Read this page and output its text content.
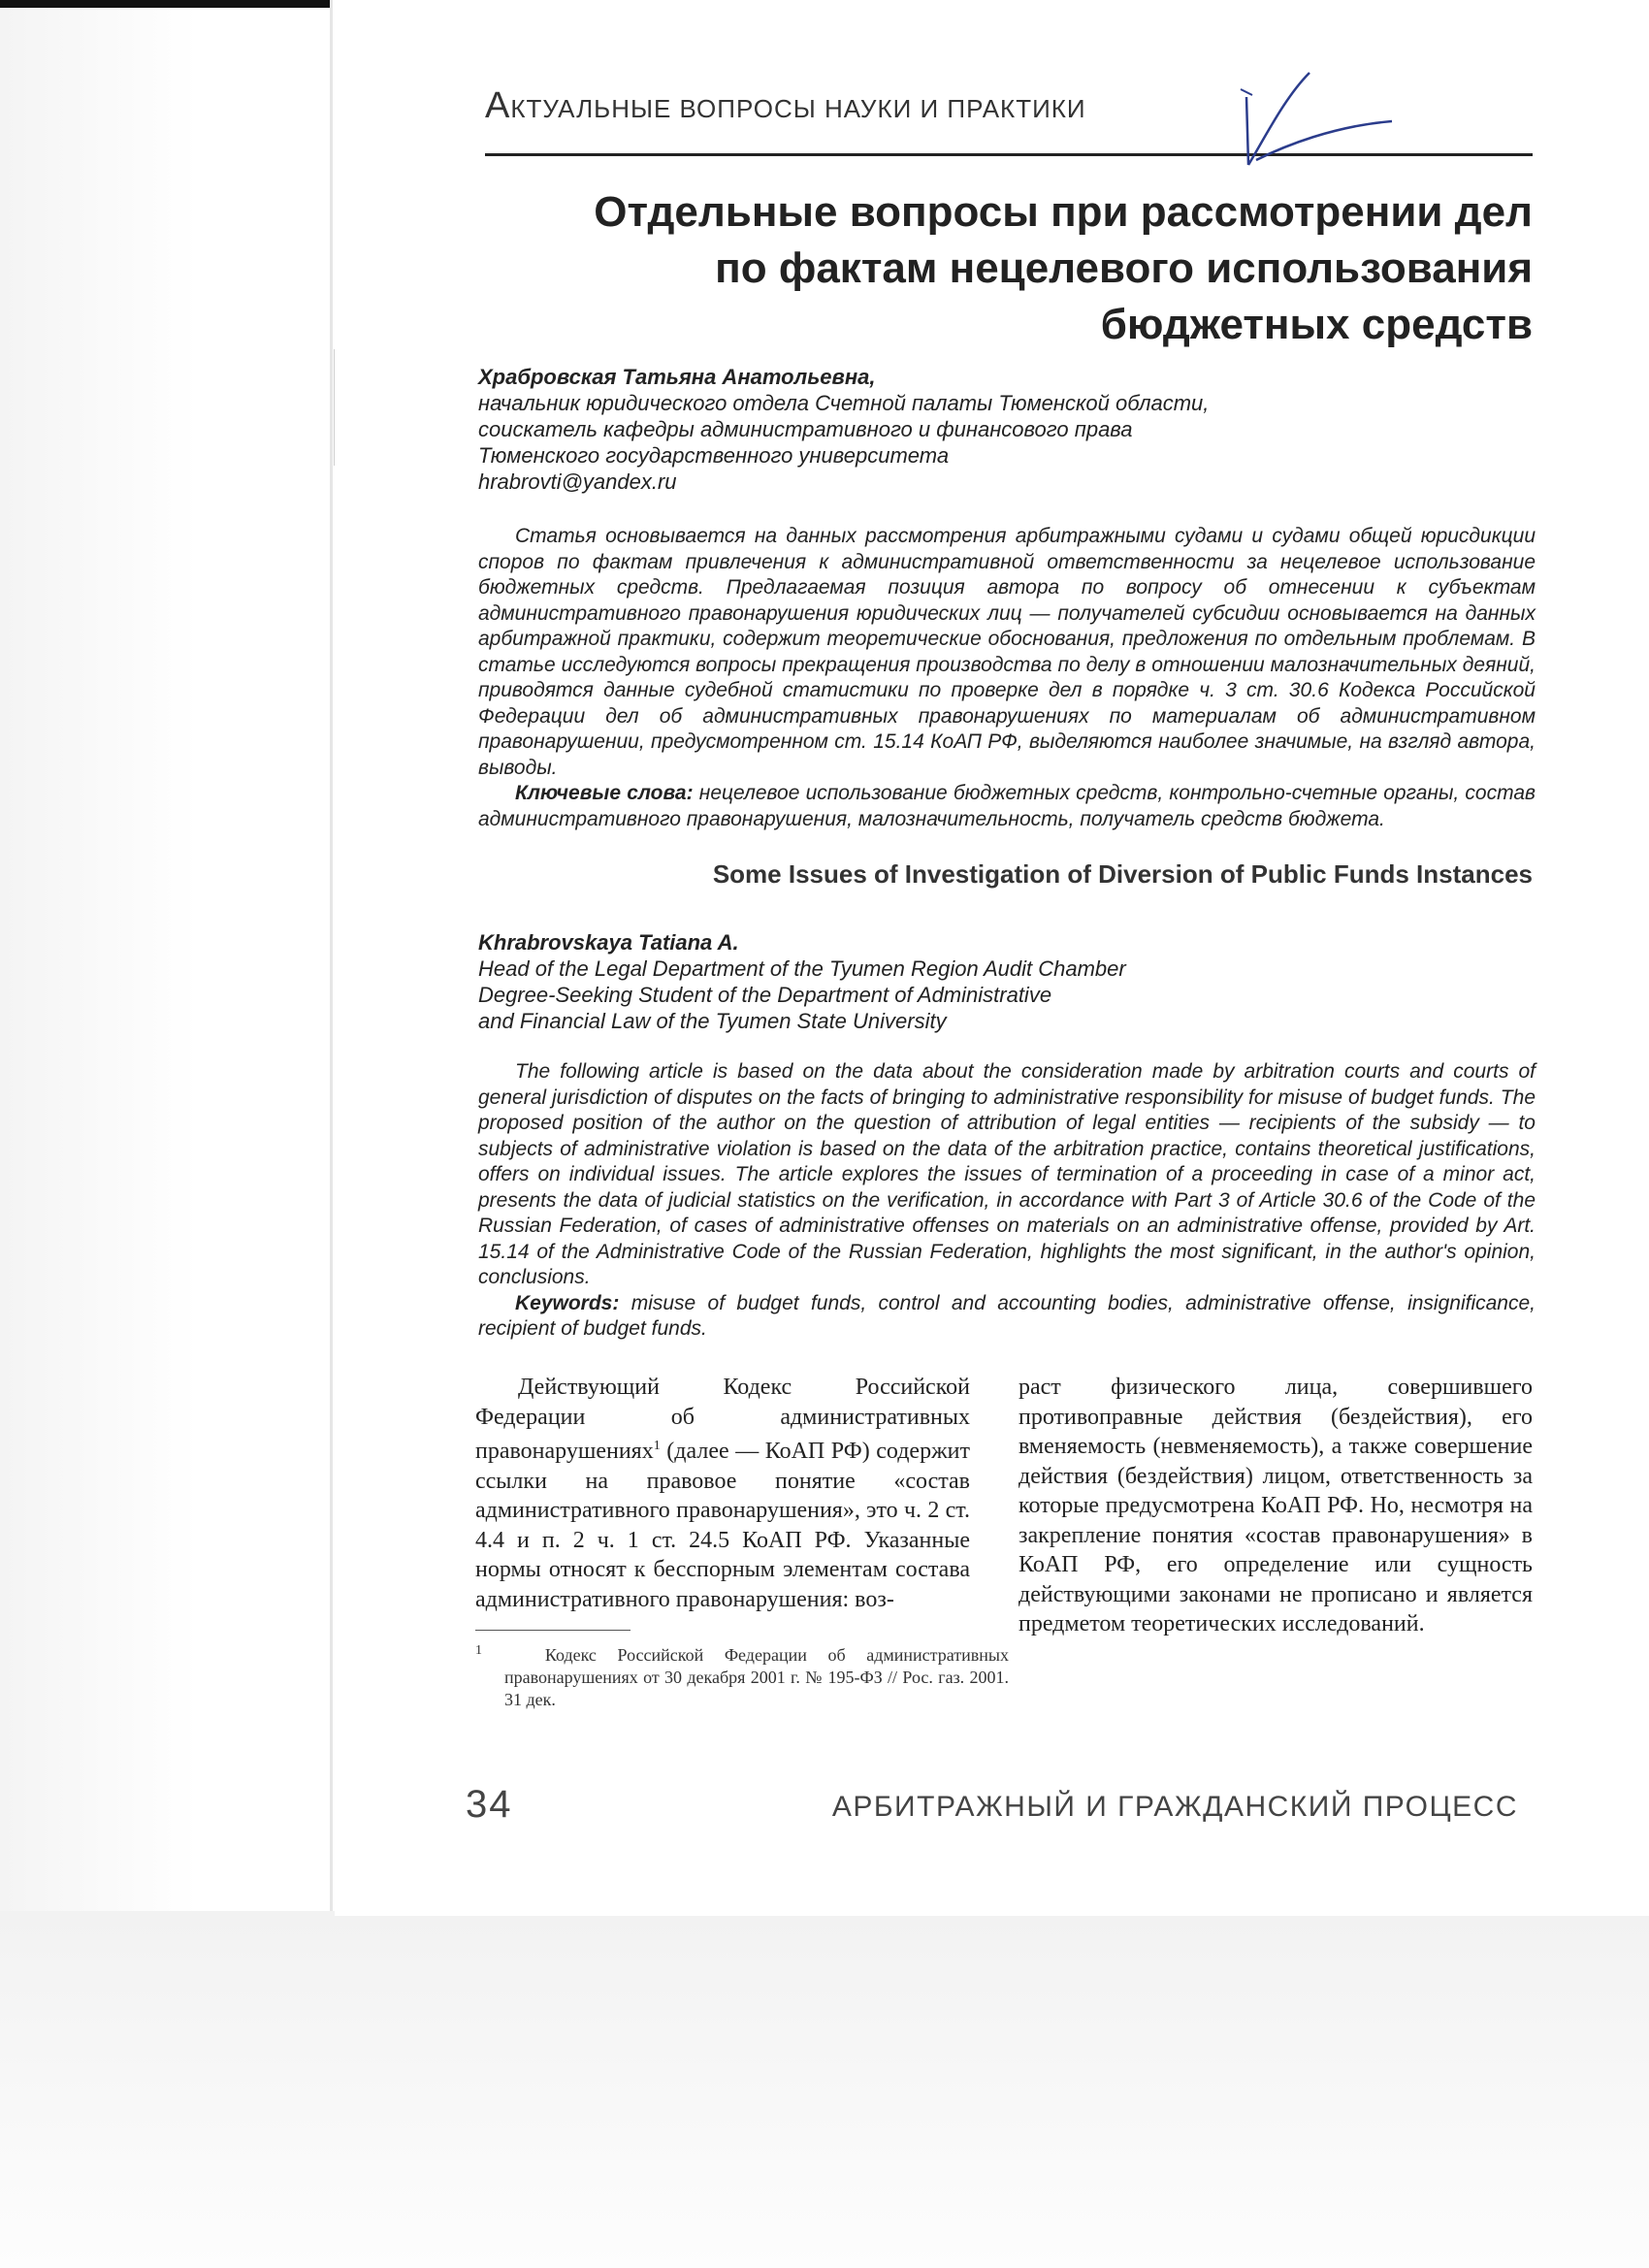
АКТУАЛЬНЫЕ ВОПРОСЫ НАУКИ И ПРАКТИКИ
Отдельные вопросы при рассмотрении дел
по фактам нецелевого использования
бюджетных средств
Храбровская Татьяна Анатольевна,
начальник юридического отдела Счетной палаты Тюменской области,
соискатель кафедры административного и финансового права
Тюменского государственного университета
hrabrovti@yandex.ru

Статья основывается на данных рассмотрения арбитражными судами и судами общей юрисдикции споров по фактам привлечения к административной ответственности за нецелевое использование бюджетных средств. Предлагаемая позиция автора по вопросу об отнесении к субъектам административного правонарушения юридических лиц — получателей субсидии основывается на данных арбитражной практики, содержит теоретические обоснования, предложения по отдельным проблемам. В статье исследуются вопросы прекращения производства по делу в отношении малозначительных деяний, приводятся данные судебной статистики по проверке дел в порядке ч. 3 ст. 30.6 Кодекса Российской Федерации дел об административных правонарушениях по материалам об административном правонарушении, предусмотренном ст. 15.14 КоАП РФ, выделяются наиболее значимые, на взгляд автора, выводы.

Ключевые слова: нецелевое использование бюджетных средств, контрольно-счетные органы, состав административного правонарушения, малозначительность, получатель средств бюджета.

Some Issues of Investigation of Diversion of Public Funds Instances
Khrabrovskaya Tatiana A.
Head of the Legal Department of the Tyumen Region Audit Chamber
Degree-Seeking Student of the Department of Administrative
and Financial Law of the Tyumen State University

The following article is based on the data about the consideration made by arbitration courts and courts of general jurisdiction of disputes on the facts of bringing to administrative responsibility for misuse of budget funds. The proposed position of the author on the question of attribution of legal entities — recipients of the subsidy — to subjects of administrative violation is based on the data of the arbitration practice, contains theoretical justifications, offers on individual issues. The article explores the issues of termination of a proceeding in case of a minor act, presents the data of judicial statistics on the verification, in accordance with Part 3 of Article 30.6 of the Code of the Russian Federation, of cases of administrative offenses on materials on an administrative offense, provided by Art. 15.14 of the Administrative Code of the Russian Federation, highlights the most significant, in the author's opinion, conclusions.

Keywords: misuse of budget funds, control and accounting bodies, administrative offense, insignificance, recipient of budget funds.

Действующий Кодекс Российской Федерации об административных правонарушениях$^1$ (далее — КоАП РФ) содержит ссылки на правовое понятие «состав административного правонарушения», это ч. 2 ст. 4.4 и п. 2 ч. 1 ст. 24.5 КоАП РФ. Указанные нормы относят к бесспорным элементам состава административного правонарушения: воз-

раст физического лица, совершившего противоправные действия (бездействия), его вменяемость (невменяемость), а также совершение действия (бездействия) лицом, ответственность за которые предусмотрена КоАП РФ. Но, несмотря на закрепление понятия «состав правонарушения» в КоАП РФ, его определение или сущность действующими законами не прописано и является предметом теоретических исследований.

$^1$	Кодекс Российской Федерации об административных правонарушениях от 30 декабря 2001 г. № 195-ФЗ // Рос. газ. 2001. 31 дек.
34	АРБИТРАЖНЫЙ И ГРАЖДАНСКИЙ ПРОЦЕСС
